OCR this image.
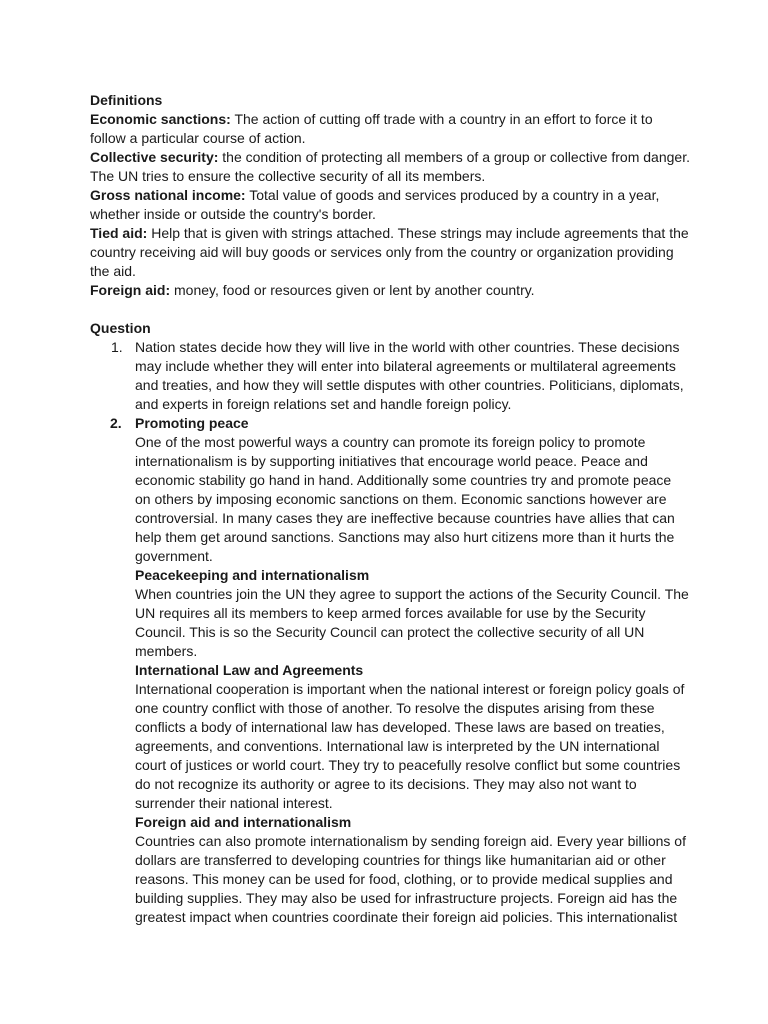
Definitions

Economic sanctions: The action of cutting off trade with a country in an effort to force it to follow a particular course of action.

Collective security: the condition of protecting all members of a group or collective from danger. The UN tries to ensure the collective security of all its members.

Gross national income: Total value of goods and services produced by a country in a year, whether inside or outside the country's border.

Tied aid: Help that is given with strings attached. These strings may include agreements that the country receiving aid will buy goods or services only from the country or organization providing the aid.

Foreign aid: money, food or resources given or lent by another country.

Question

1. Nation states decide how they will live in the world with other countries. These decisions may include whether they will enter into bilateral agreements or multilateral agreements and treaties, and how they will settle disputes with other countries. Politicians, diplomats, and experts in foreign relations set and handle foreign policy.

2. Promoting peace

One of the most powerful ways a country can promote its foreign policy to promote internationalism is by supporting initiatives that encourage world peace. Peace and economic stability go hand in hand. Additionally some countries try and promote peace on others by imposing economic sanctions on them. Economic sanctions however are controversial. In many cases they are ineffective because countries have allies that can help them get around sanctions. Sanctions may also hurt citizens more than it hurts the government.

Peacekeeping and internationalism

When countries join the UN they agree to support the actions of the Security Council. The UN requires all its members to keep armed forces available for use by the Security Council. This is so the Security Council can protect the collective security of all UN members.

International Law and Agreements

International cooperation is important when the national interest or foreign policy goals of one country conflict with those of another. To resolve the disputes arising from these conflicts a body of international law has developed. These laws are based on treaties, agreements, and conventions. International law is interpreted by the UN international court of justices or world court. They try to peacefully resolve conflict but some countries do not recognize its authority or agree to its decisions. They may also not want to surrender their national interest.

Foreign aid and internationalism

Countries can also promote internationalism by sending foreign aid. Every year billions of dollars are transferred to developing countries for things like humanitarian aid or other reasons. This money can be used for food, clothing, or to provide medical supplies and building supplies. They may also be used for infrastructure projects. Foreign aid has the greatest impact when countries coordinate their foreign aid policies. This internationalist
